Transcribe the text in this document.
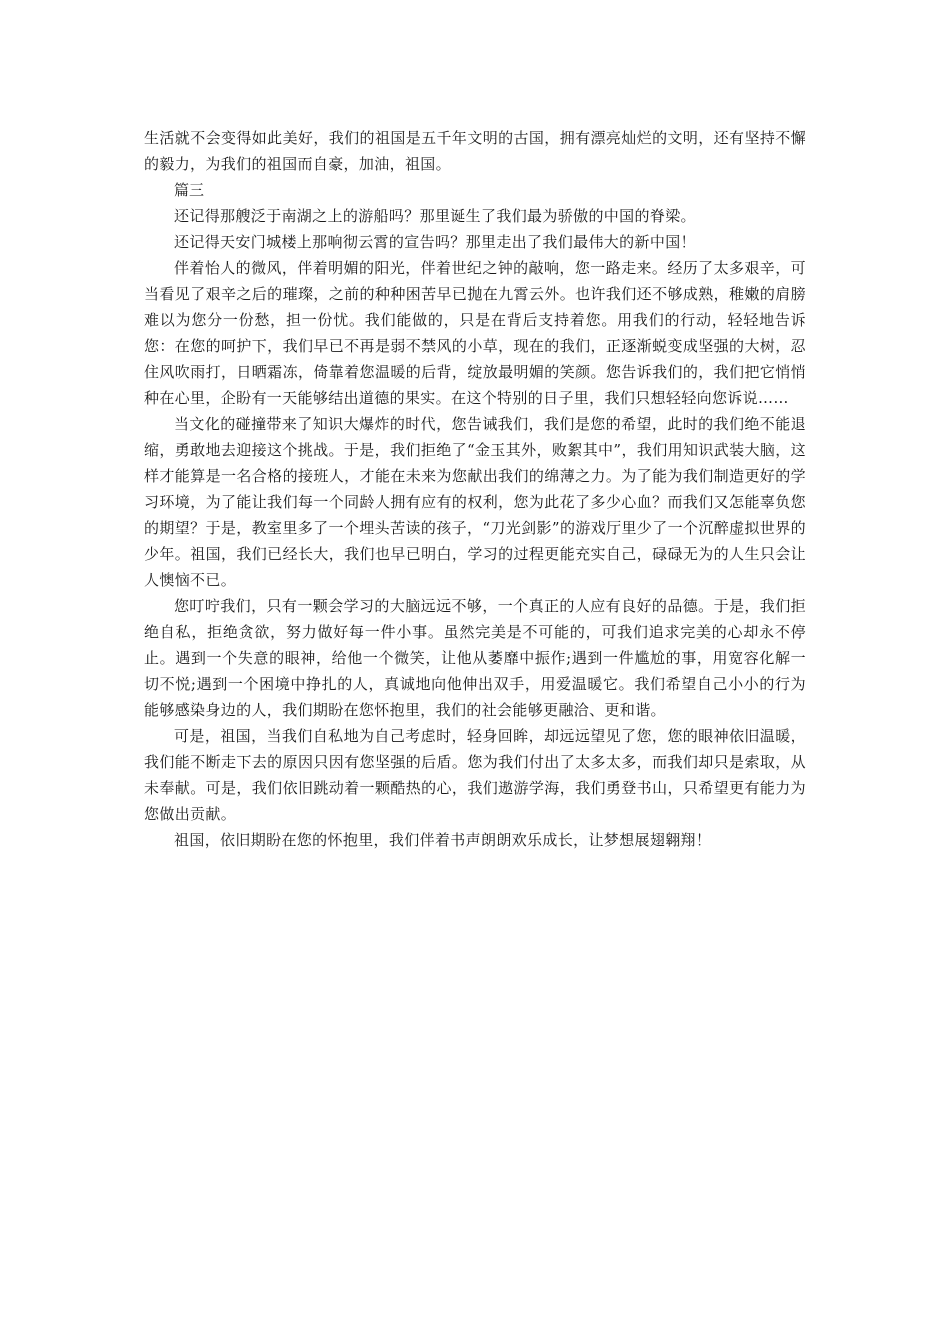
生活就不会变得如此美好，我们的祖国是五千年文明的古国，拥有漂亮灿烂的文明，还有坚持不懈的毅力，为我们的祖国而自豪，加油，祖国。

篇三

还记得那艘泛于南湖之上的游船吗？那里诞生了我们最为骄傲的中国的脊梁。

还记得天安门城楼上那响彻云霄的宣告吗？那里走出了我们最伟大的新中国！

伴着怡人的微风，伴着明媚的阳光，伴着世纪之钟的敲响，您一路走来。经历了太多艰辛，可当看见了艰辛之后的璀璨，之前的种种困苦早已抛在九霄云外。也许我们还不够成熟，稚嫩的肩膀难以为您分一份愁，担一份忧。我们能做的，只是在背后支持着您。用我们的行动，轻轻地告诉您：在您的呵护下，我们早已不再是弱不禁风的小草，现在的我们，正逐渐蜕变成坚强的大树，忍住风吹雨打，日晒霜冻，倚靠着您温暖的后背，绽放最明媚的笑颜。您告诉我们的，我们把它悄悄种在心里，企盼有一天能够结出道德的果实。在这个特别的日子里，我们只想轻轻向您诉说……

当文化的碰撞带来了知识大爆炸的时代，您告诫我们，我们是您的希望，此时的我们绝不能退缩，勇敢地去迎接这个挑战。于是，我们拒绝了“金玉其外，败絮其中”，我们用知识武装大脑，这样才能算是一名合格的接班人，才能在未来为您献出我们的绵薄之力。为了能为我们制造更好的学习环境，为了能让我们每一个同龄人拥有应有的权利，您为此花了多少心血？而我们又怎能辜负您的期望？于是，教室里多了一个埋头苦读的孩子，“刀光剑影”的游戏厅里少了一个沉醉虚拟世界的少年。祖国，我们已经长大，我们也早已明白，学习的过程更能充实自己，碌碌无为的人生只会让人懊恼不已。

您叮咛我们，只有一颗会学习的大脑远远不够，一个真正的人应有良好的品德。于是，我们拒绝自私，拒绝贪欲，努力做好每一件小事。虽然完美是不可能的，可我们追求完美的心却永不停止。遇到一个失意的眼神，给他一个微笑，让他从萎靡中振作;遇到一件尴尬的事，用宽容化解一切不悦;遇到一个困境中挣扎的人，真诚地向他伸出双手，用爱温暖它。我们希望自己小小的行为能够感染身边的人，我们期盼在您怀抱里，我们的社会能够更融洽、更和谐。

可是，祖国，当我们自私地为自己考虑时，轻身回眸，却远远望见了您，您的眼神依旧温暖，我们能不断走下去的原因只因有您坚强的后盾。您为我们付出了太多太多，而我们却只是索取，从未奉献。可是，我们依旧跳动着一颗酷热的心，我们遨游学海，我们勇登书山，只希望更有能力为您做出贡献。

祖国，依旧期盼在您的怀抱里，我们伴着书声朗朗欢乐成长，让梦想展翅翱翔！
